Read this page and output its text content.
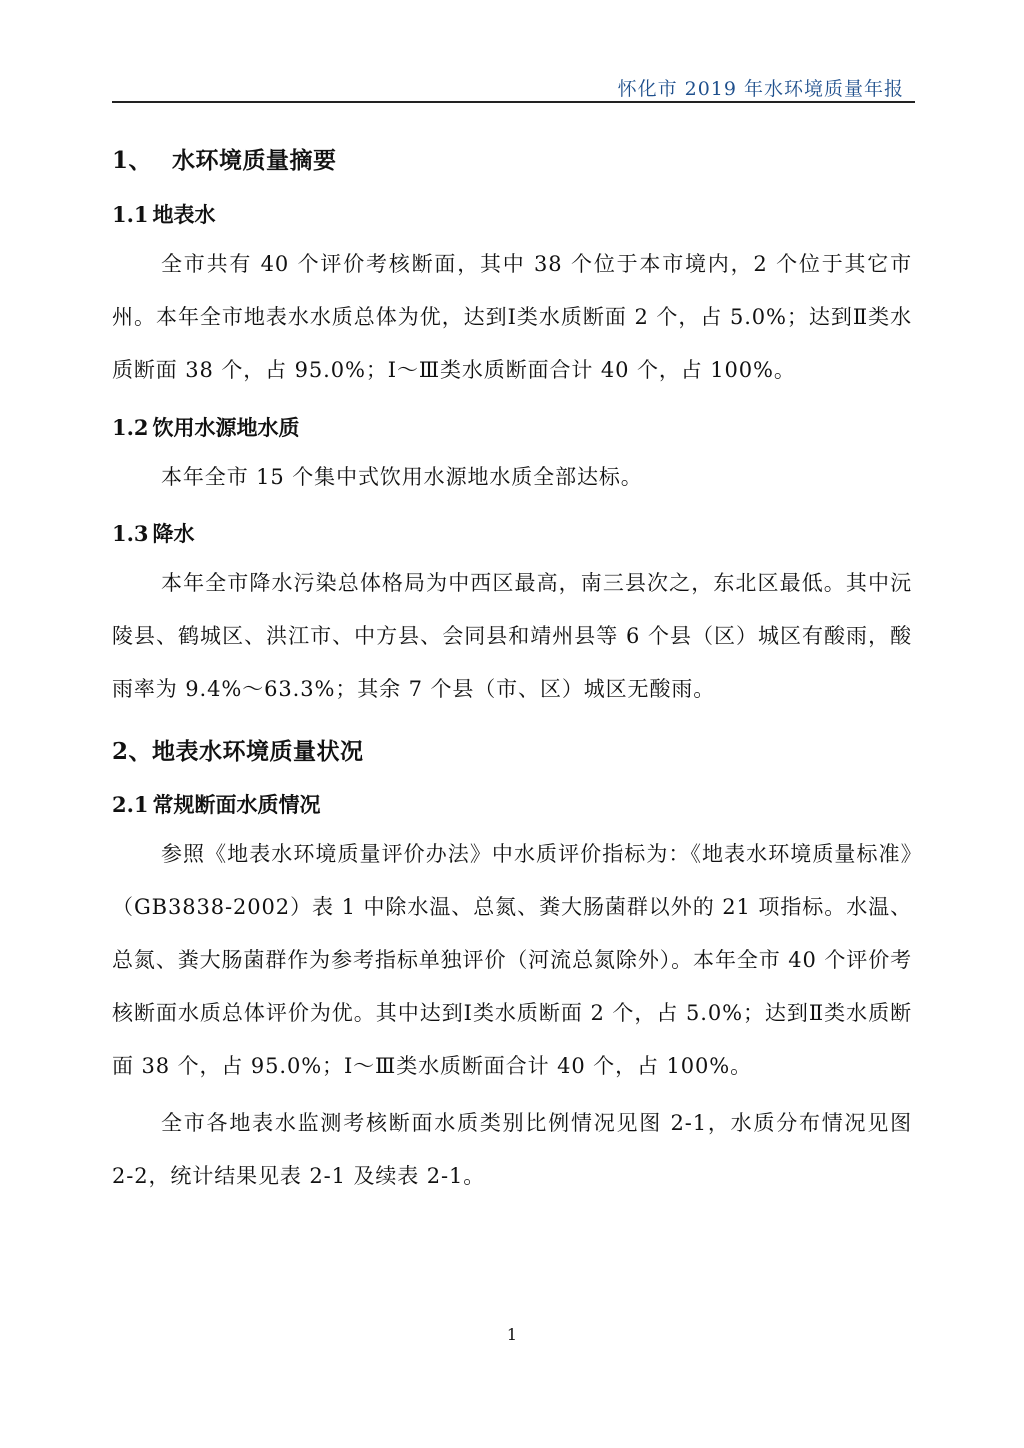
怀化市 2019 年水环境质量年报
1、 水环境质量摘要
1.1 地表水

全市共有 40 个评价考核断面，其中 38 个位于本市境内，2 个位于其它市州。本年全市地表水水质总体为优，达到Ⅰ类水质断面 2 个，占 5.0%；达到Ⅱ类水质断面 38 个，占 95.0%；Ⅰ～Ⅲ类水质断面合计 40 个，占 100%。

1.2 饮用水源地水质

本年全市 15 个集中式饮用水源地水质全部达标。

1.3 降水

本年全市降水污染总体格局为中西区最高，南三县次之，东北区最低。其中沅陵县、鹤城区、洪江市、中方县、会同县和靖州县等 6 个县（区）城区有酸雨，酸雨率为 9.4%～63.3%；其余 7 个县（市、区）城区无酸雨。

2、地表水环境质量状况
2.1 常规断面水质情况

参照《地表水环境质量评价办法》中水质评价指标为：《地表水环境质量标准》（GB3838-2002）表 1 中除水温、总氮、粪大肠菌群以外的 21 项指标。水温、总氮、粪大肠菌群作为参考指标单独评价（河流总氮除外）。本年全市 40 个评价考核断面水质总体评价为优。其中达到Ⅰ类水质断面 2 个，占 5.0%；达到Ⅱ类水质断面 38 个，占 95.0%；Ⅰ～Ⅲ类水质断面合计 40 个，占 100%。

全市各地表水监测考核断面水质类别比例情况见图 2-1，水质分布情况见图 2-2，统计结果见表 2-1 及续表 2-1。

1
